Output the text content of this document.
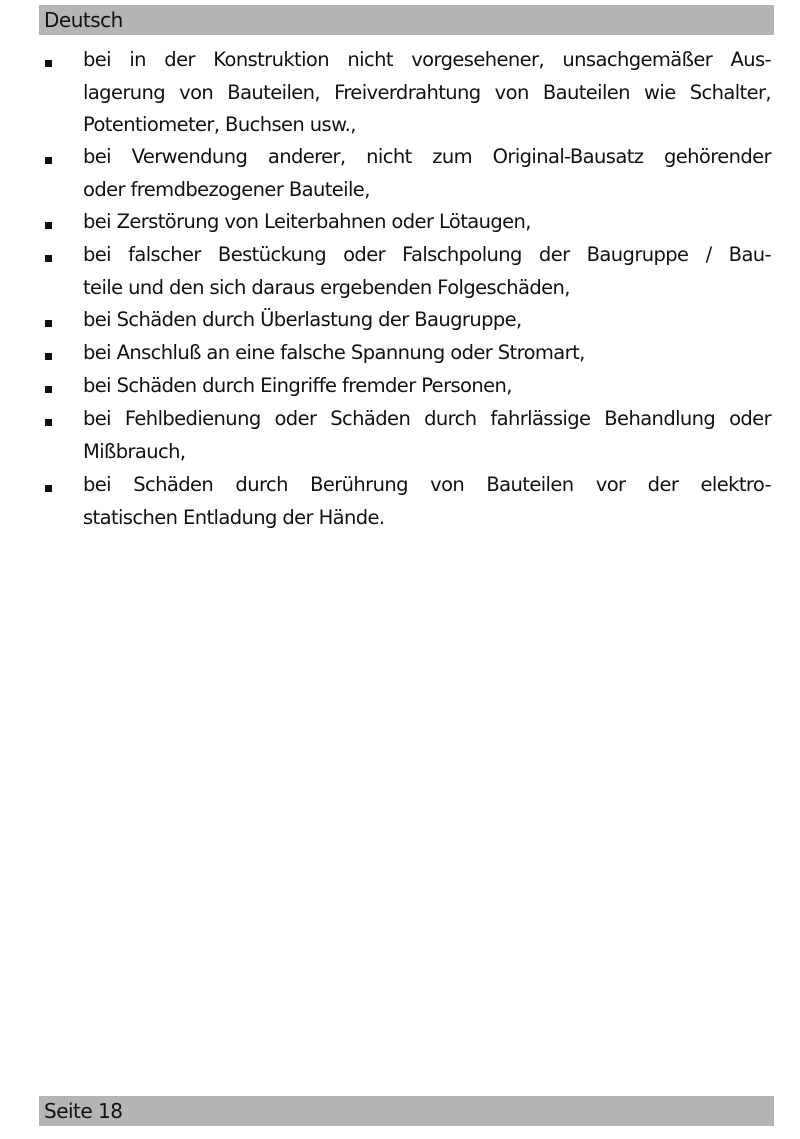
Deutsch
bei in der Konstruktion nicht vorgesehener, unsachgemäßer Aus-
lagerung von Bauteilen, Freiverdrahtung von Bauteilen wie Schalter,
Potentiometer, Buchsen usw.,
bei Verwendung anderer, nicht zum Original-Bausatz gehörender
oder fremdbezogener Bauteile,
bei Zerstörung von Leiterbahnen oder Lötaugen,
bei falscher Bestückung oder Falschpolung der Baugruppe / Bau-
teile und den sich daraus ergebenden Folgeschäden,
bei Schäden durch Überlastung der Baugruppe,
bei Anschluß an eine falsche Spannung oder Stromart,
bei Schäden durch Eingriffe fremder Personen,
bei Fehlbedienung oder Schäden durch fahrlässige Behandlung oder
Mißbrauch,
bei Schäden durch Berührung von Bauteilen vor der elektro-
statischen Entladung der Hände.
Seite 18
